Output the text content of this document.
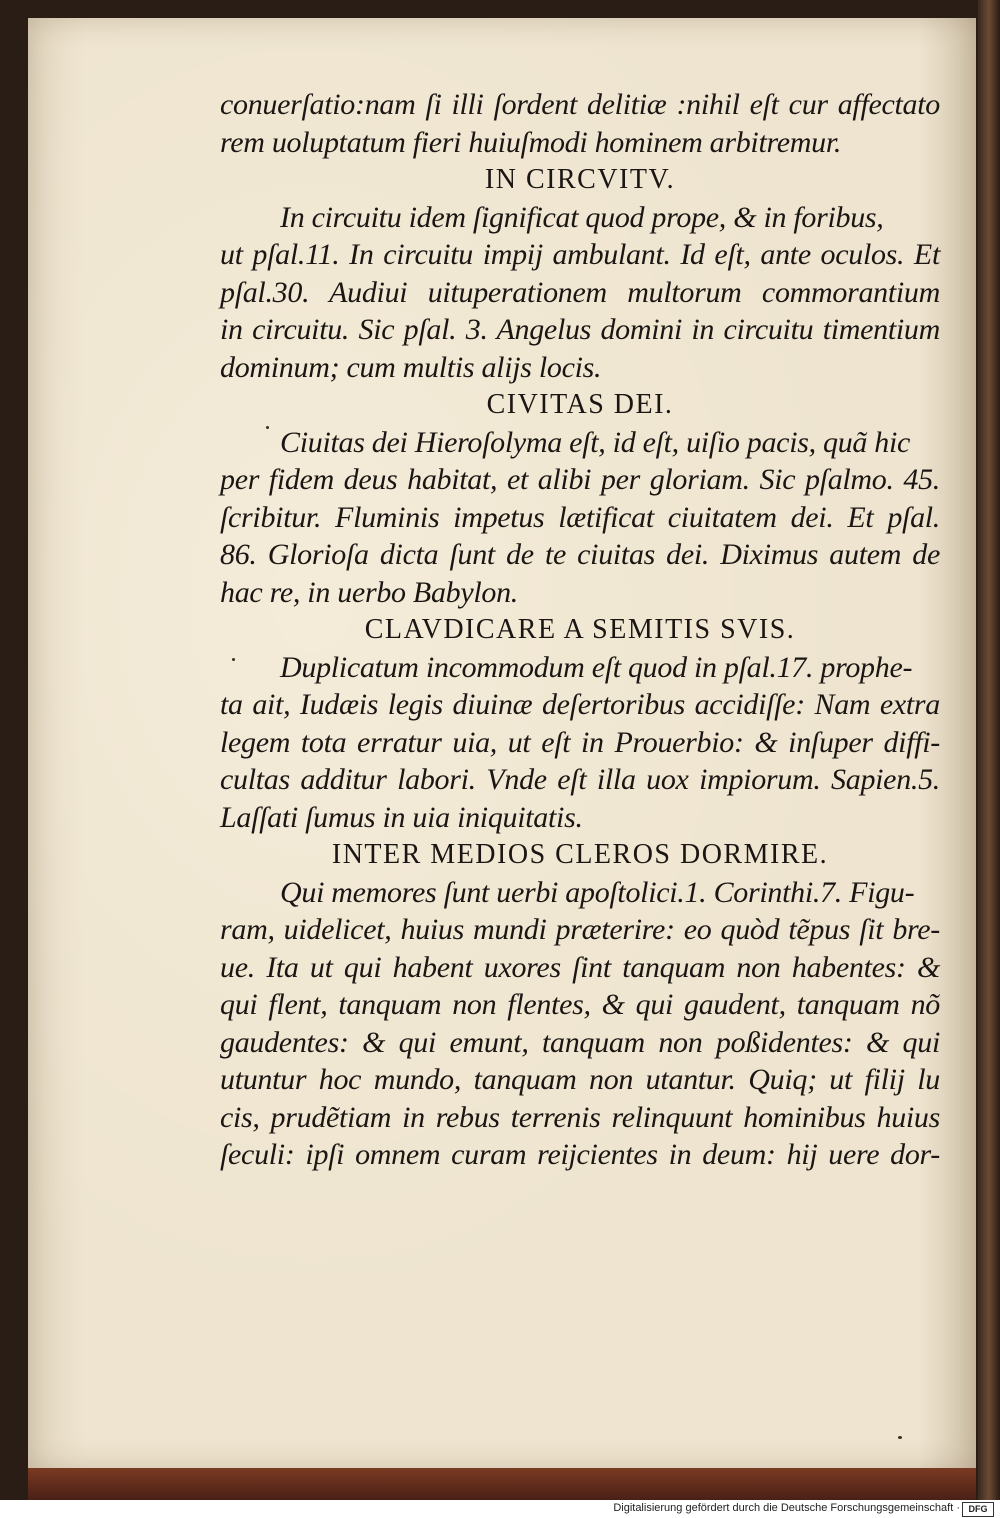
conuerſatio:nam ſi illi ſordent delitiæ :nihil eſt cur affectato
rem uoluptatum fieri huiuſmodi hominem arbitremur.
IN CIRCVITV.
In circuitu idem ſignificat quod prope, & in foribus,
ut pſal.11. In circuitu impij ambulant. Id eſt, ante oculos. Et
pſal.30. Audiui uituperationem multorum commorantium
in circuitu. Sic pſal. 3. Angelus domini in circuitu timentium
dominum; cum multis alijs locis.
CIVITAS DEI.
Ciuitas dei Hieroſolyma eſt, id eſt, uiſio pacis, quã hic
per fidem deus habitat, et alibi per gloriam. Sic pſalmo. 45.
ſcribitur. Fluminis impetus lætificat ciuitatem dei. Et pſal.
86. Glorioſa dicta ſunt de te ciuitas dei. Diximus autem de
hac re, in uerbo Babylon.
CLAVDICARE A SEMITIS SVIS.
Duplicatum incommodum eſt quod in pſal.17. prophe-
ta ait, Iudæis legis diuinæ deſertoribus accidiſſe: Nam extra
legem tota erratur uia, ut eſt in Prouerbio: & inſuper diffi-
cultas additur labori. Vnde eſt illa uox impiorum. Sapien.5.
Laſſati ſumus in uia iniquitatis.
INTER MEDIOS CLEROS DORMIRE.
Qui memores ſunt uerbi apoſtolici.1. Corinthi.7. Figu-
ram, uidelicet, huius mundi præterire: eo quòd tẽpus ſit bre-
ue. Ita ut qui habent uxores ſint tanquam non habentes: &
qui flent, tanquam non flentes, & qui gaudent, tanquam nõ
gaudentes: & qui emunt, tanquam non poßidentes: & qui
utuntur hoc mundo, tanquam non utantur. Quiq; ut filij lu
cis, prudẽtiam in rebus terrenis relinquunt hominibus huius
ſeculi: ipſi omnem curam reijcientes in deum: hij uere dor-
Digitalisierung gefördert durch die Deutsche Forschungsgemeinschaft · DFG
